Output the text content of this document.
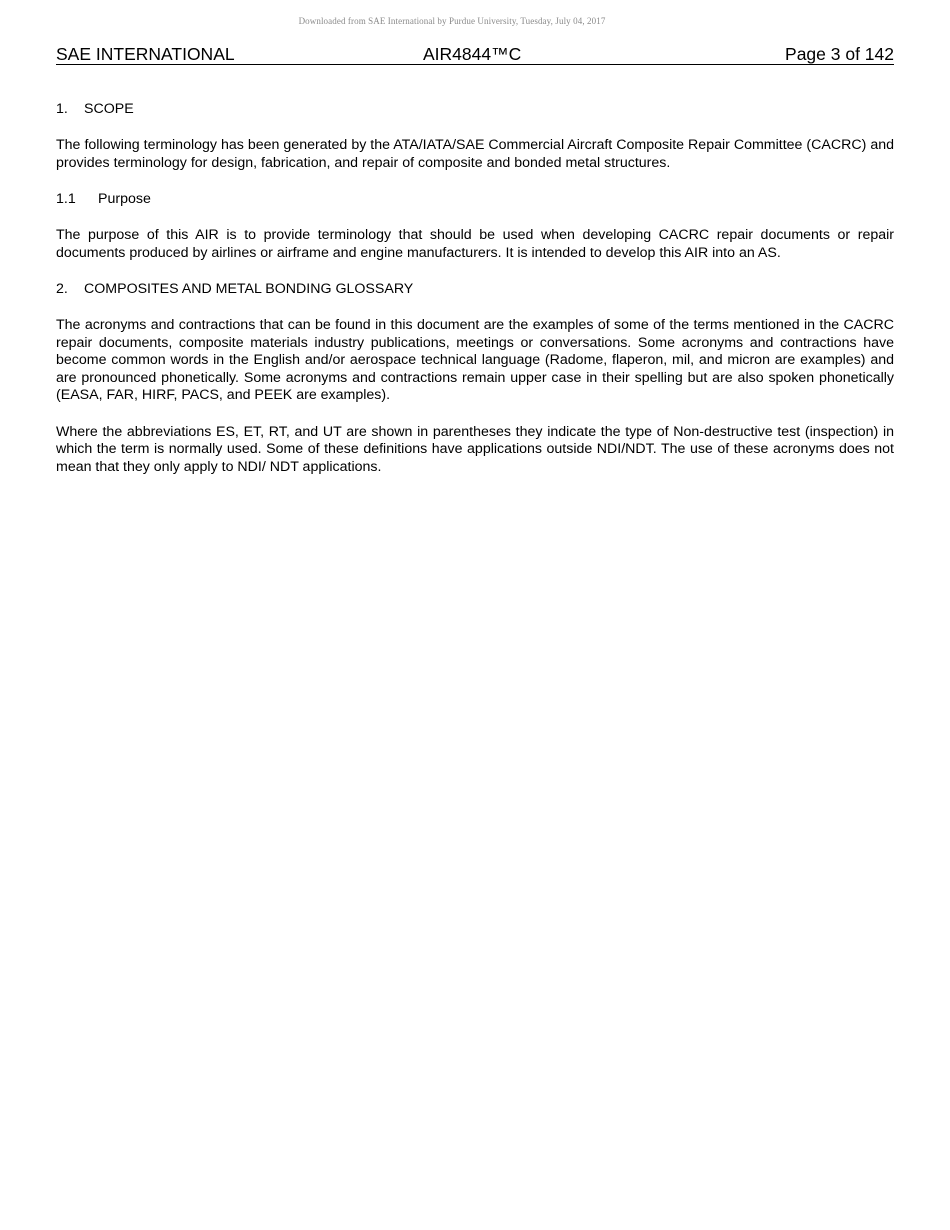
Downloaded from SAE International by Purdue University, Tuesday, July 04, 2017
SAE INTERNATIONAL	AIR4844™C	Page 3 of 142
1. SCOPE

The following terminology has been generated by the ATA/IATA/SAE Commercial Aircraft Composite Repair Committee (CACRC) and provides terminology for design, fabrication, and repair of composite and bonded metal structures.

1.1 Purpose

The purpose of this AIR is to provide terminology that should be used when developing CACRC repair documents or repair documents produced by airlines or airframe and engine manufacturers. It is intended to develop this AIR into an AS.

2. COMPOSITES AND METAL BONDING GLOSSARY

The acronyms and contractions that can be found in this document are the examples of some of the terms mentioned in the CACRC repair documents, composite materials industry publications, meetings or conversations. Some acronyms and contractions have become common words in the English and/or aerospace technical language (Radome, flaperon, mil, and micron are examples) and are pronounced phonetically. Some acronyms and contractions remain upper case in their spelling but are also spoken phonetically (EASA, FAR, HIRF, PACS, and PEEK are examples).

Where the abbreviations ES, ET, RT, and UT are shown in parentheses they indicate the type of Non-destructive test (inspection) in which the term is normally used. Some of these definitions have applications outside NDI/NDT. The use of these acronyms does not mean that they only apply to NDI/ NDT applications.
